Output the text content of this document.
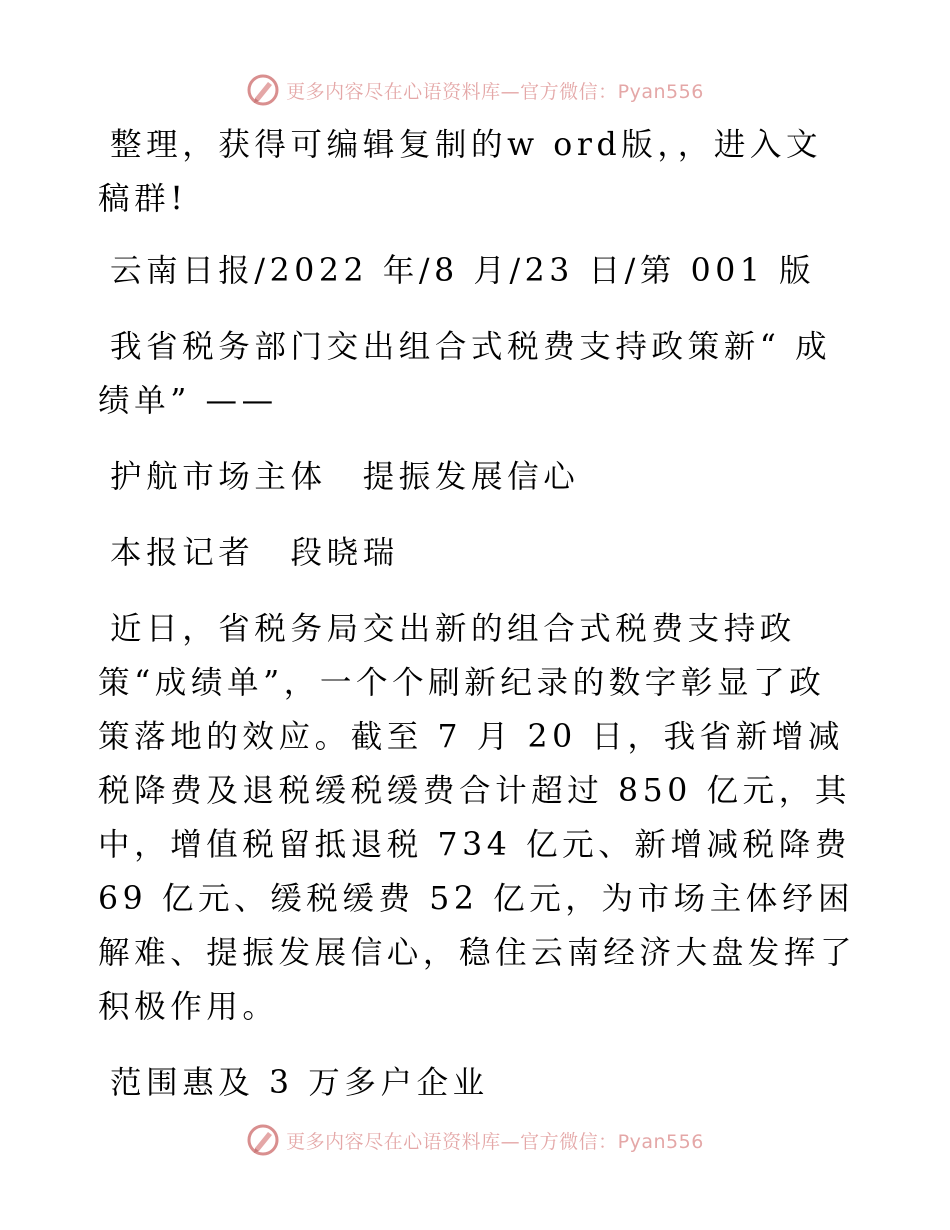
更多内容尽在心语资料库—官方微信：Pyan556

整理，获得可编辑复制的w ord版，，进入文稿群!

云南日报/2022 年/8 月/23 日/第 001 版

我省税务部门交出组合式税费支持政策新“ 成绩单” ——

护航市场主体　提振发展信心

本报记者　段晓瑞

近日，省税务局交出新的组合式税费支持政策“成绩单”，一个个刷新纪录的数字彰显了政策落地的效应。截至 7 月 20 日，我省新增减税降费及退税缓税缓费合计超过 850 亿元，其中，增值税留抵退税 734 亿元、新增减税降费 69 亿元、缓税缓费 52 亿元，为市场主体纾困解难、提振发展信心，稳住云南经济大盘发挥了积极作用。

范围惠及 3 万多户企业

更多内容尽在心语资料库—官方微信：Pyan556
